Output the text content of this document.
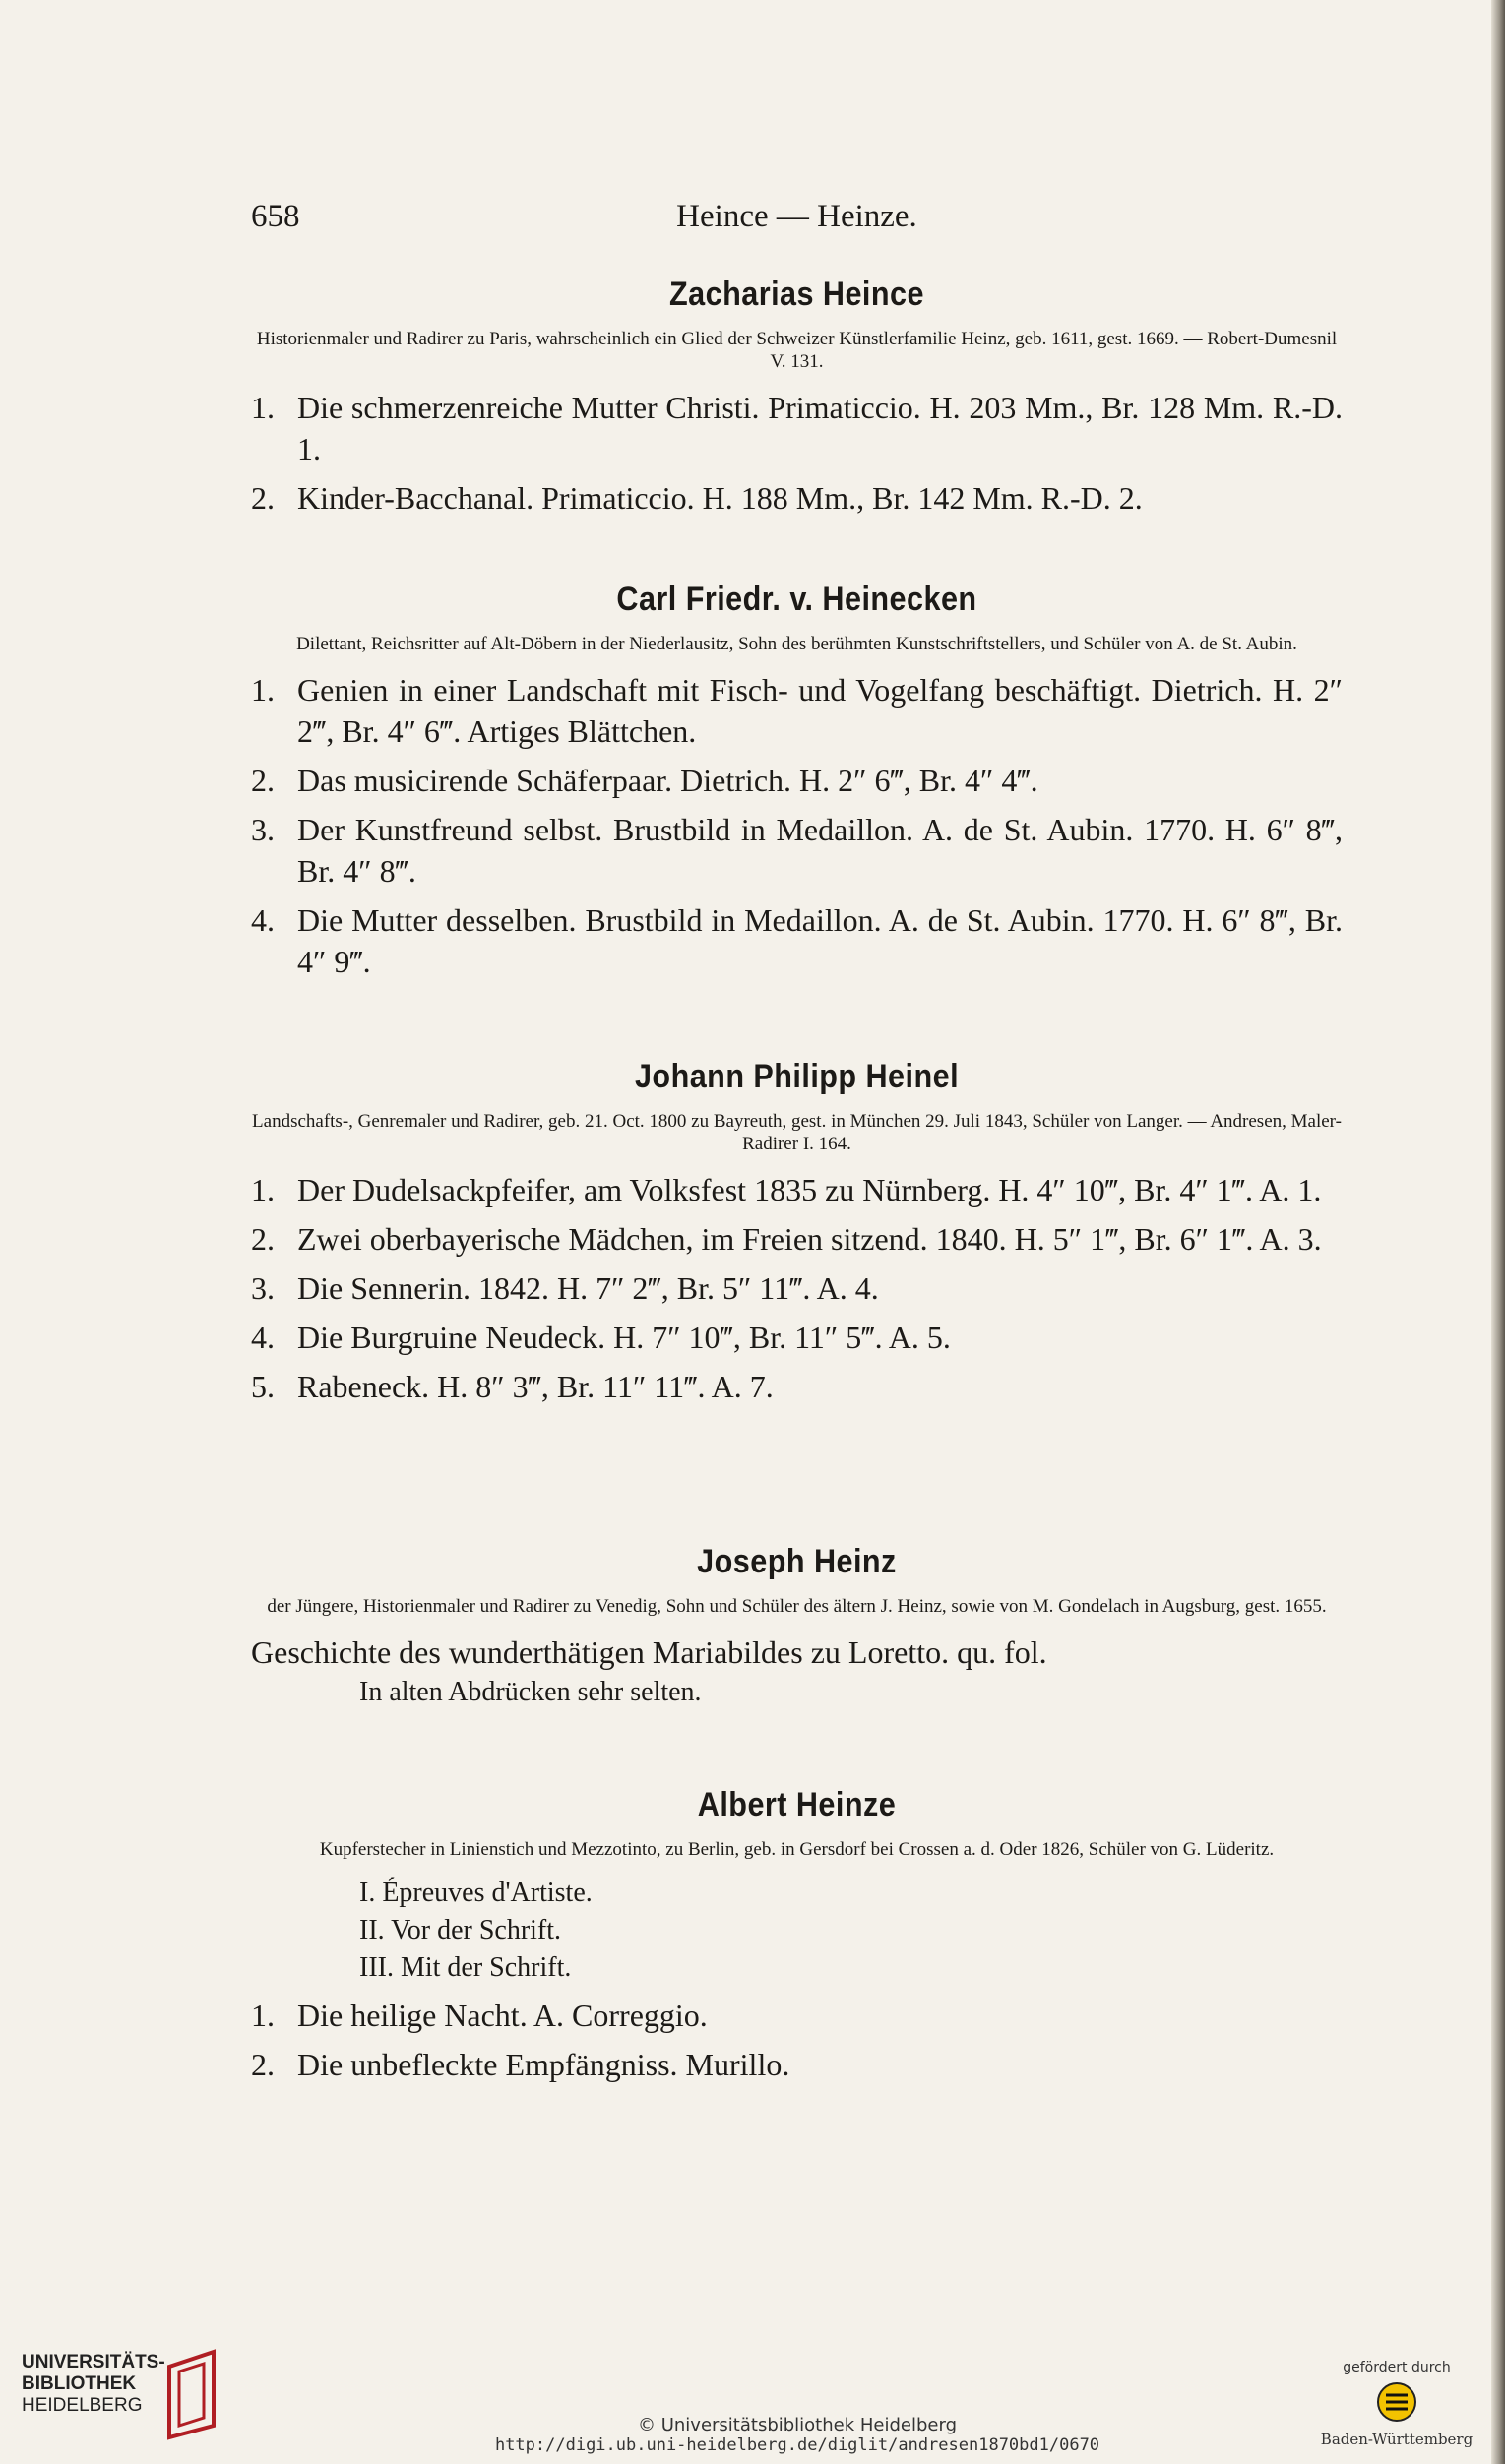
658	Heince — Heinze.
Zacharias Heince
Historienmaler und Radirer zu Paris, wahrscheinlich ein Glied der Schweizer Künstlerfamilie Heinz, geb. 1611, gest. 1669. — Robert-Dumesnil V. 131.
1. Die schmerzenreiche Mutter Christi. Primaticcio. H. 203 Mm., Br. 128 Mm. R.-D. 1.
2. Kinder-Bacchanal. Primaticcio. H. 188 Mm., Br. 142 Mm. R.-D. 2.
Carl Friedr. v. Heinecken
Dilettant, Reichsritter auf Alt-Döbern in der Niederlausitz, Sohn des berühmten Kunstschriftstellers, und Schüler von A. de St. Aubin.
1. Genien in einer Landschaft mit Fisch- und Vogelfang beschäftigt. Dietrich. H. 2″ 2‴, Br. 4″ 6‴. Artiges Blättchen.
2. Das musicirende Schäferpaar. Dietrich. H. 2″ 6‴, Br. 4″ 4‴.
3. Der Kunstfreund selbst. Brustbild in Medaillon. A. de St. Aubin. 1770. H. 6″ 8‴, Br. 4″ 8‴.
4. Die Mutter desselben. Brustbild in Medaillon. A. de St. Aubin. 1770. H. 6″ 8‴, Br. 4″ 9‴.
Johann Philipp Heinel
Landschafts-, Genremaler und Radirer, geb. 21. Oct. 1800 zu Bayreuth, gest. in München 29. Juli 1843, Schüler von Langer. — Andresen, Maler-Radirer I. 164.
1. Der Dudelsackpfeifer, am Volksfest 1835 zu Nürnberg. H. 4″ 10‴, Br. 4″ 1‴. A. 1.
2. Zwei oberbayerische Mädchen, im Freien sitzend. 1840. H. 5″ 1‴, Br. 6″ 1‴. A. 3.
3. Die Sennerin. 1842. H. 7″ 2‴, Br. 5″ 11‴. A. 4.
4. Die Burgruine Neudeck. H. 7″ 10‴, Br. 11″ 5‴. A. 5.
5. Rabeneck. H. 8″ 3‴, Br. 11″ 11‴. A. 7.
Joseph Heinz
der Jüngere, Historienmaler und Radirer zu Venedig, Sohn und Schüler des ältern J. Heinz, sowie von M. Gondelach in Augsburg, gest. 1655.
Geschichte des wunderthätigen Mariabildes zu Loretto. qu. fol.
In alten Abdrücken sehr selten.
Albert Heinze
Kupferstecher in Linienstich und Mezzotinto, zu Berlin, geb. in Gersdorf bei Crossen a. d. Oder 1826, Schüler von G. Lüderitz.
I. Épreuves d'Artiste.
II. Vor der Schrift.
III. Mit der Schrift.
1. Die heilige Nacht. A. Correggio.
2. Die unbefleckte Empfängniss. Murillo.
UNIVERSITÄTS-
BIBLIOTHEK
HEIDELBERG
© Universitätsbibliothek Heidelberg
http://digi.ub.uni-heidelberg.de/diglit/andresen1870bd1/0670
gefördert durch
Baden-Württemberg
